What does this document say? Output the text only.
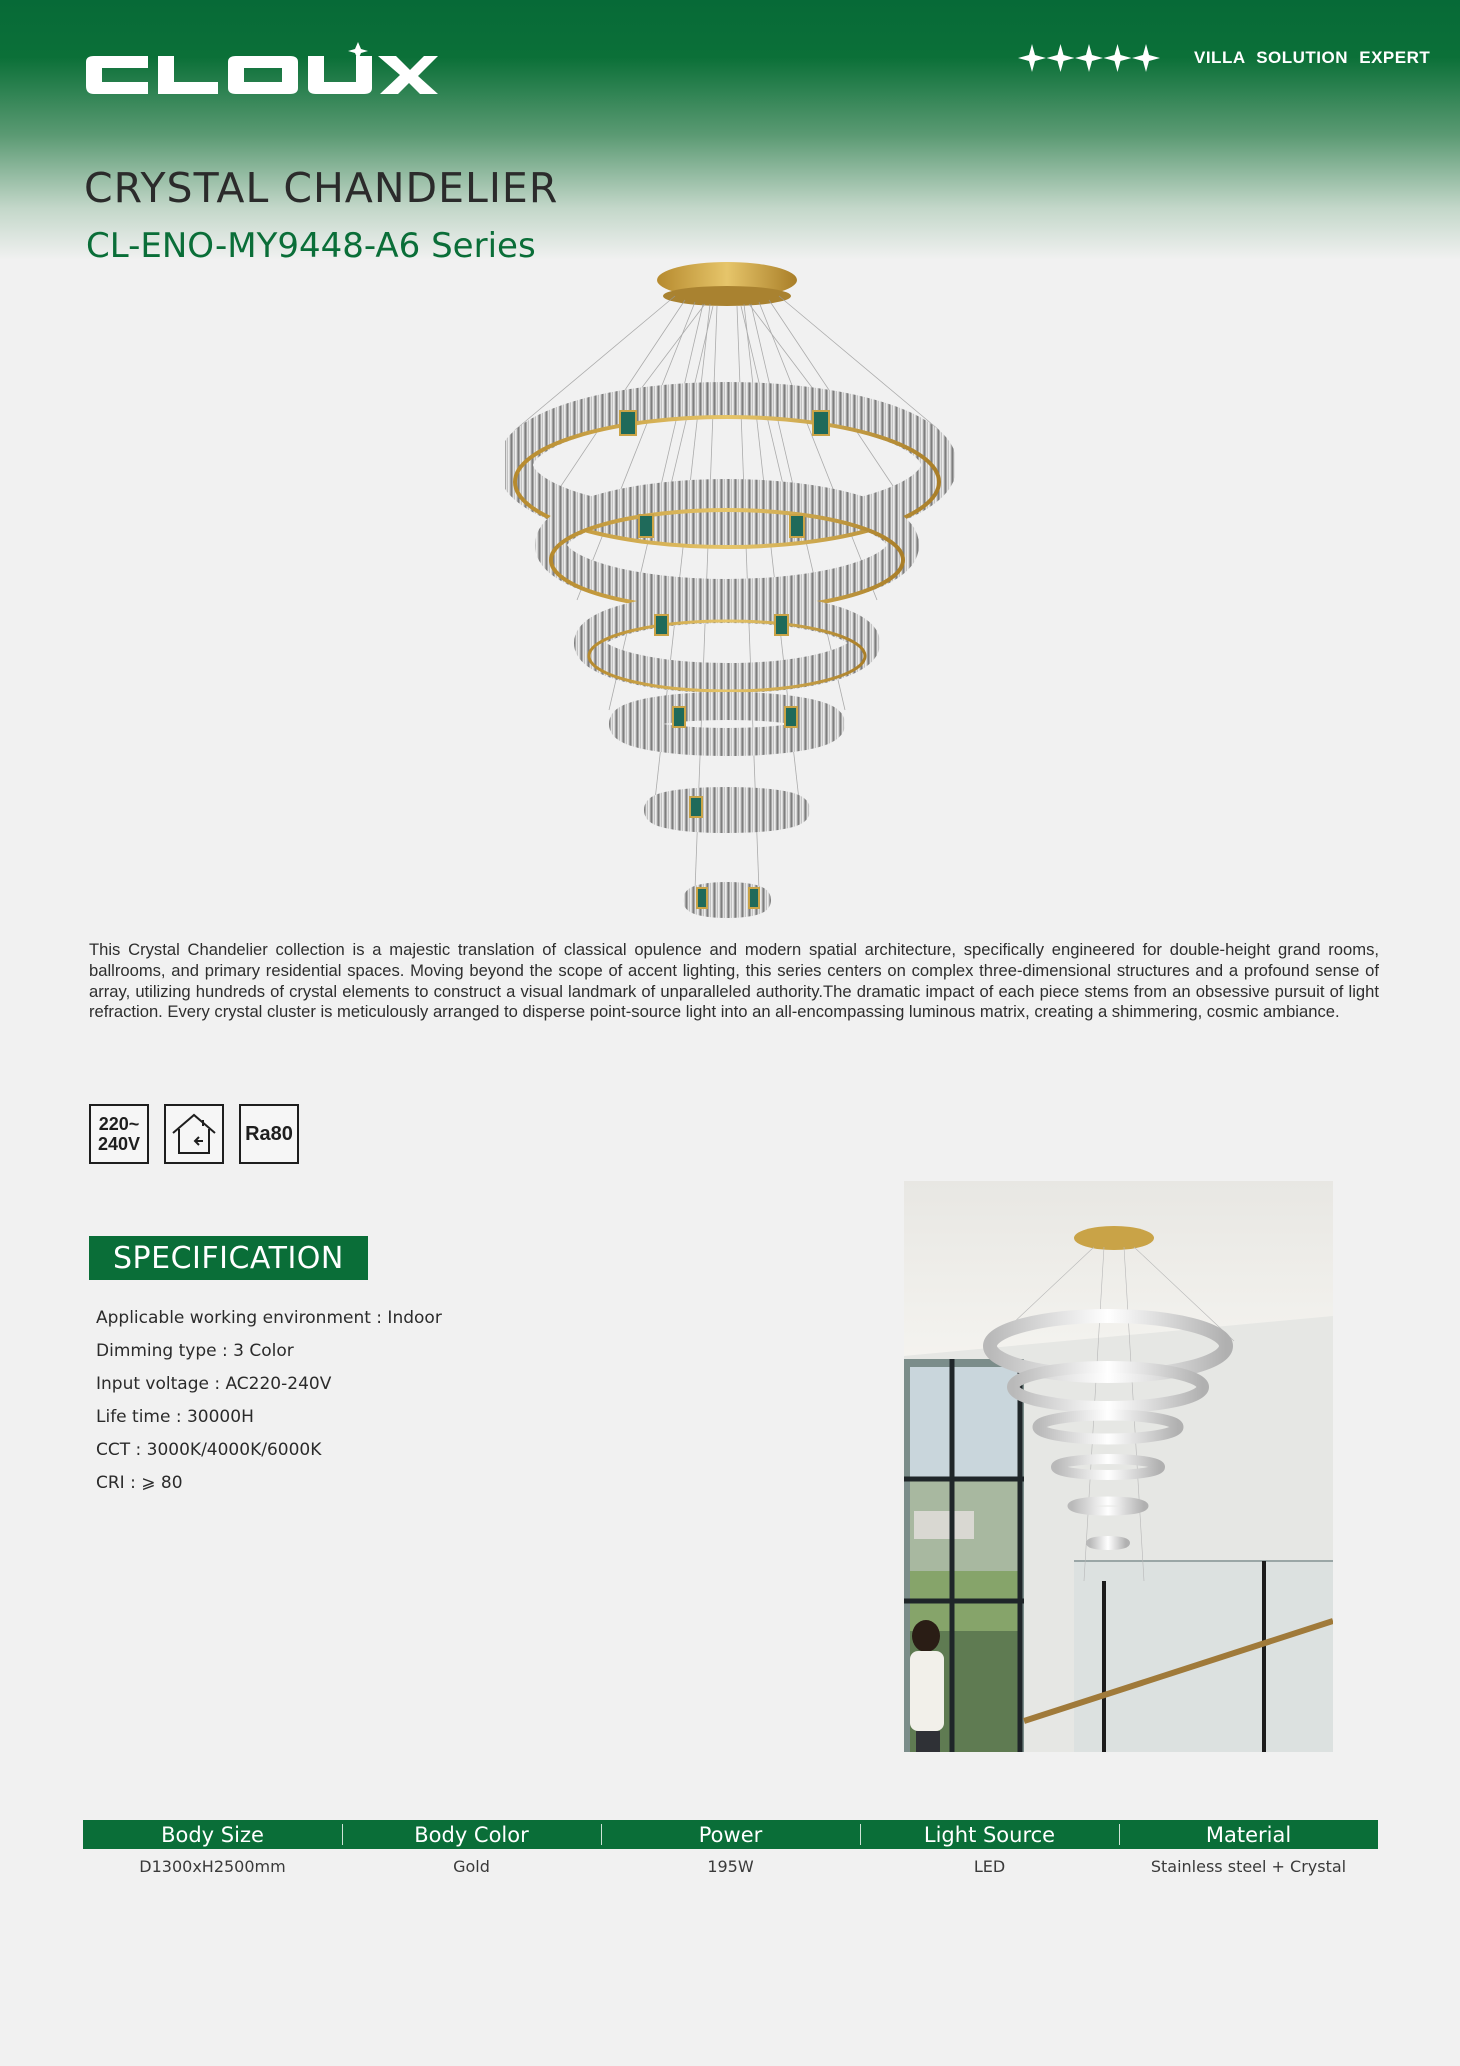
VILLA SOLUTION EXPERT
CRYSTAL CHANDELIER
CL-ENO-MY9448-A6 Series

This Crystal Chandelier collection is a majestic translation of classical opulence and modern spatial architecture, specifically engineered for double-height grand rooms, ballrooms, and primary residential spaces. Moving beyond the scope of accent lighting, this series centers on complex three-dimensional structures and a profound sense of array, utilizing hundreds of crystal elements to construct a visual landmark of unparalleled authority.The dramatic impact of each piece stems from an obsessive pursuit of light refraction. Every crystal cluster is meticulously arranged to disperse point-source light into an all-encompassing luminous matrix, creating a shimmering, cosmic ambiance.

220~
240V	Ra80
SPECIFICATION
Applicable working environment : Indoor
Dimming type : 3 Color
Input voltage : AC220-240V
Life time : 30000H
CCT : 3000K/4000K/6000K
CRI : ⩾ 80
Body Size	Body Color	Power	Light Source	Material
D1300xH2500mm	Gold	195W	LED	Stainless steel + Crystal
